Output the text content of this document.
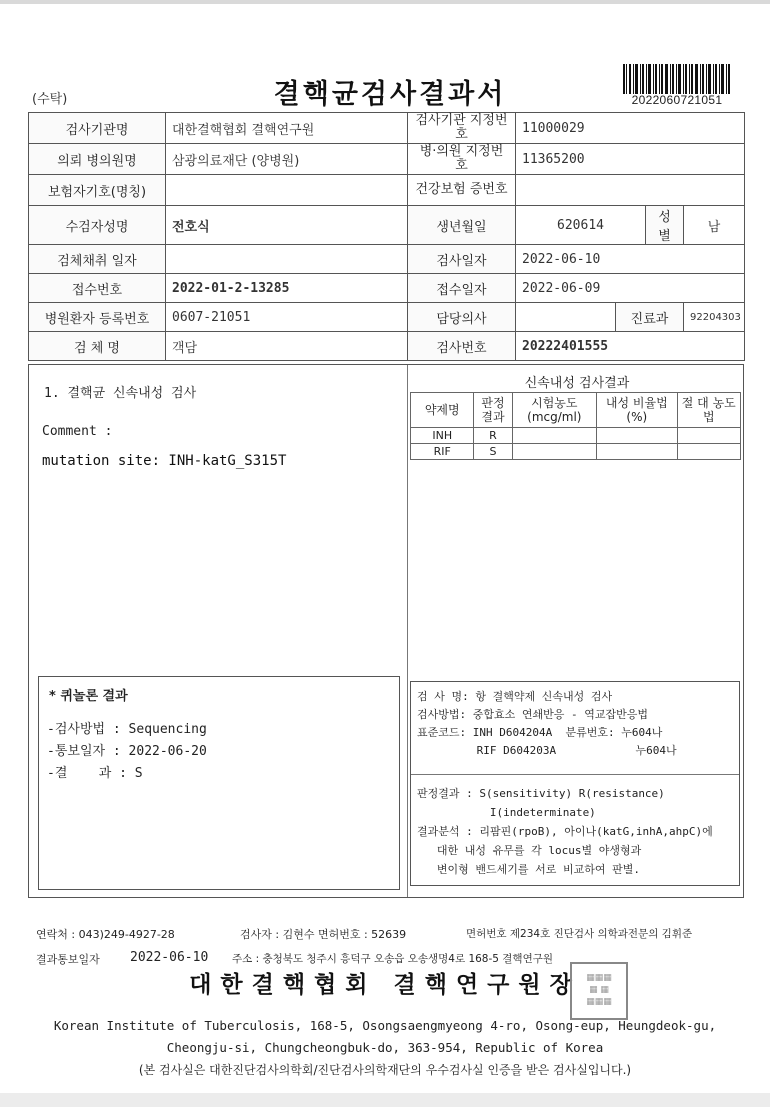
(수탁)	결핵균검사결과서	2022060721051
검사기관명	대한결핵협회 결핵연구원	검사기관 지정번호	11000029			
의뢰 병의원명	삼광의료재단 (양병원)	병·의원 지정번호	11365200			
보험자기호(명칭)		건강보험 증번호				
수검자성명	전호식	생년월일	620614		성별	남
검체채취 일자		검사일자	2022-06-10			
접수번호	2022-01-2-13285	접수일자	2022-06-09			
병원환자 등록번호	0607-21051	담당의사		진료과		92204303
검 체 명	객담	검사번호	20222401555			
1. 결핵균 신속내성 검사
Comment :
mutation site: INH-katG_S315T
신속내성 검사결과
약제명	판정 결과	시험농도 (mcg/ml)	내성 비율법(%)	절 대 농도법
INH	R			
RIF	S			
* 퀴놀론 결과
-검사방법 : Sequencing
-통보일자 : 2022-06-20
-결    과 : S
검 사 명: 항 결핵약제 신속내성 검사
검사방법: 중합효소 연쇄반응 - 역교잡반응법
표준코드: INH D604204A  분류번호: 누604나
RIF D604203A            누604나
판정결과 : S(sensitivity) R(resistance)
I(indeterminate)
결과분석 : 리팜핀(rpoB), 아이나(katG,inhA,ahpC)에
대한 내성 유무를 각 locus별 야생형과
변이형 밴드세기를 서로 비교하여 판별.
연락처 : 043)249-4927-28	검사자 : 김현수 면허번호 : 52639	면허번호 제234호 진단검사 의학과전문의 김휘준
결과통보일자 2022-06-10 주소 : 충청북도 청주시 흥덕구 오송읍 오송생명4로 168-5 결핵연구원
대한결핵협회 결핵연구원장 ▦▦▦
▦ ▦
▦▦▦
Korean Institute of Tuberculosis, 168-5, Osongsaengmyeong 4-ro, Osong-eup, Heungdeok-gu,
Cheongju-si, Chungcheongbuk-do, 363-954, Republic of Korea
(본 검사실은 대한진단검사의학회/진단검사의학재단의 우수검사실 인증을 받은 검사실입니다.)
